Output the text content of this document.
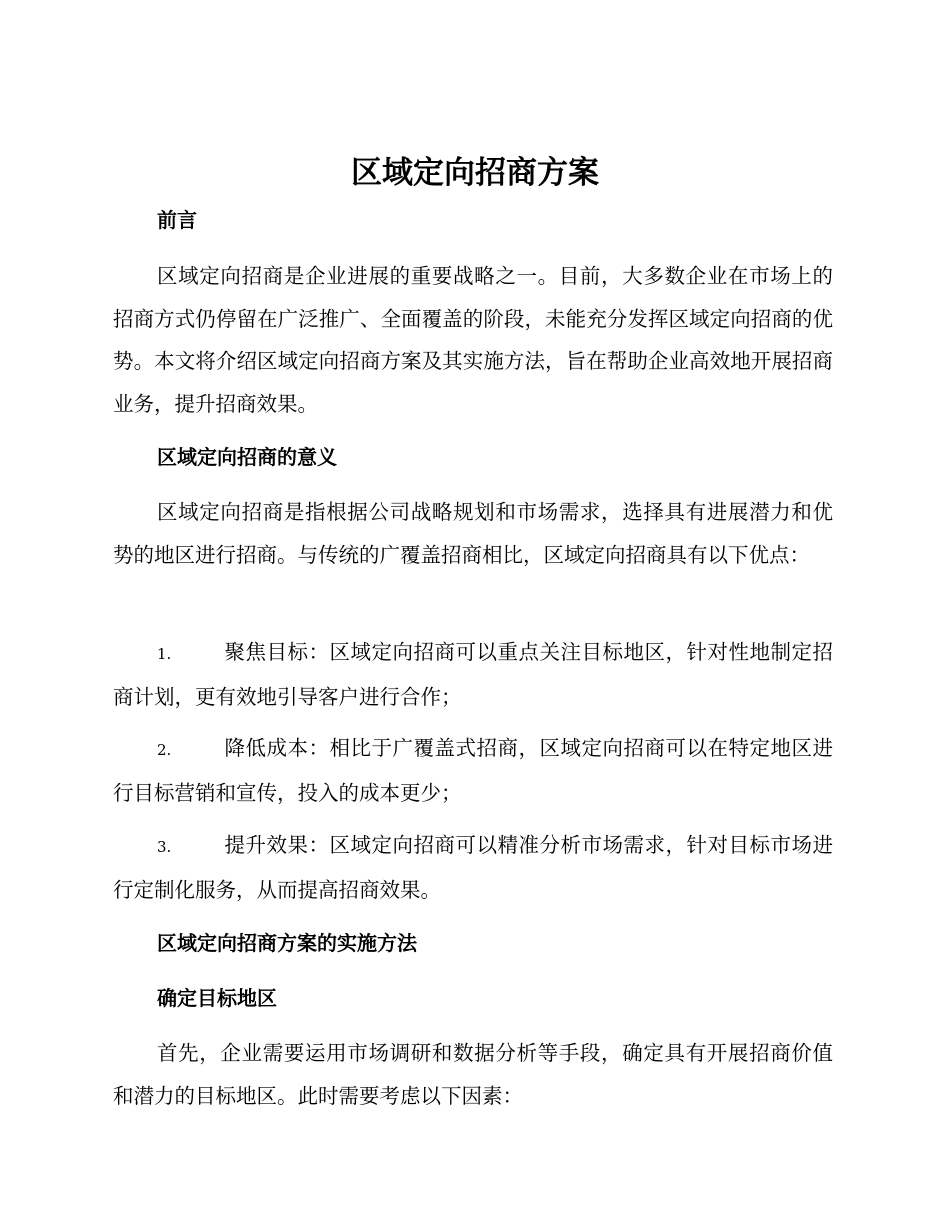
区域定向招商方案
前言

区域定向招商是企业进展的重要战略之一。目前，大多数企业在市场上的招商方式仍停留在广泛推广、全面覆盖的阶段，未能充分发挥区域定向招商的优势。本文将介绍区域定向招商方案及其实施方法，旨在帮助企业高效地开展招商业务，提升招商效果。

区域定向招商的意义

区域定向招商是指根据公司战略规划和市场需求，选择具有进展潜力和优势的地区进行招商。与传统的广覆盖招商相比，区域定向招商具有以下优点：

1.	聚焦目标：区域定向招商可以重点关注目标地区，针对性地制定招商计划，更有效地引导客户进行合作；

2.	降低成本：相比于广覆盖式招商，区域定向招商可以在特定地区进行目标营销和宣传，投入的成本更少；

3.	提升效果：区域定向招商可以精准分析市场需求，针对目标市场进行定制化服务，从而提高招商效果。

区域定向招商方案的实施方法
确定目标地区

首先，企业需要运用市场调研和数据分析等手段，确定具有开展招商价值和潜力的目标地区。此时需要考虑以下因素：
